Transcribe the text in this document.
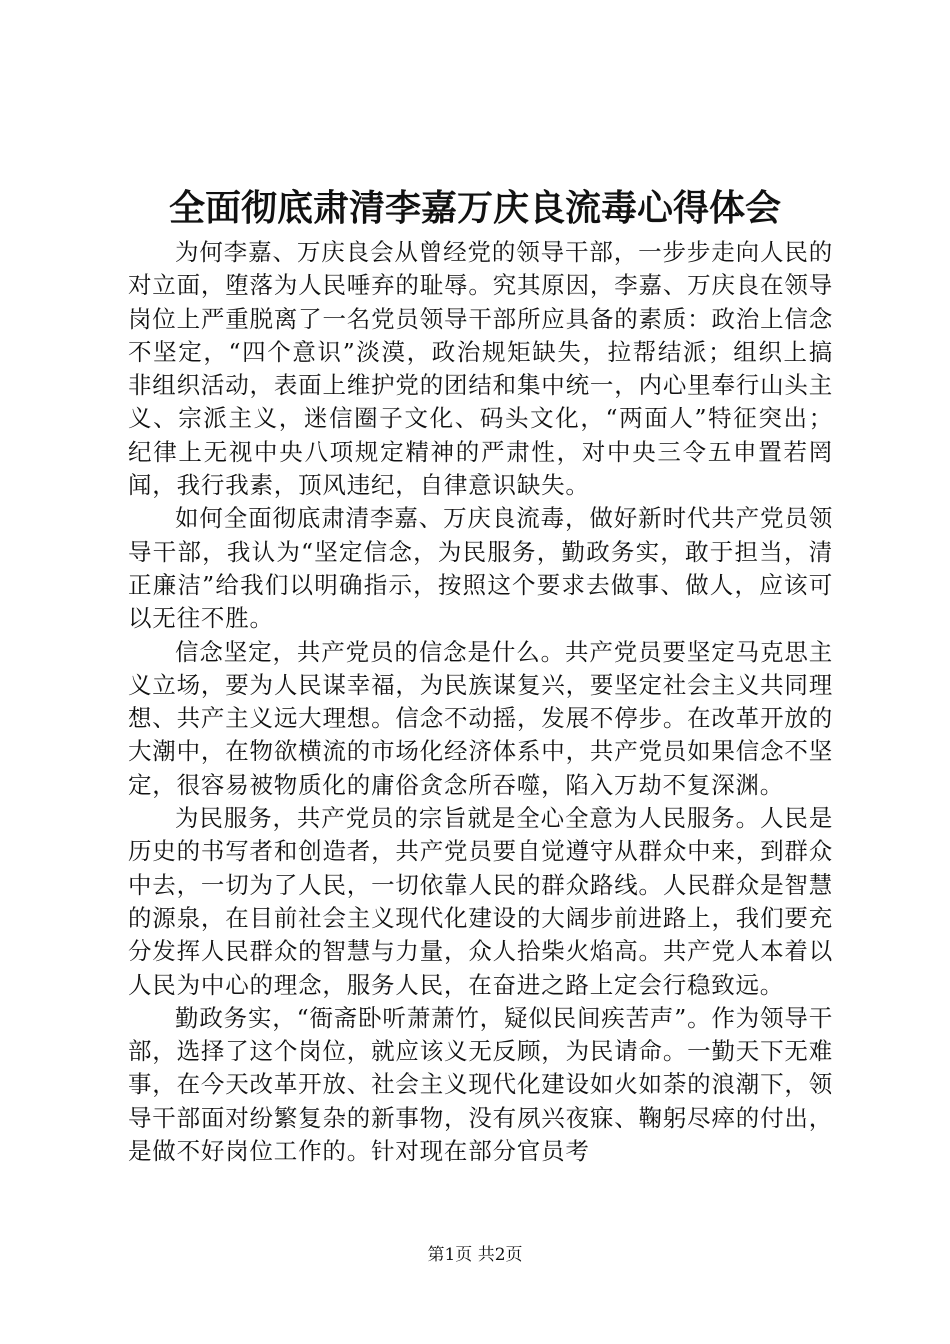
全面彻底肃清李嘉万庆良流毒心得体会

为何李嘉、万庆良会从曾经党的领导干部，一步步走向人民的对立面，堕落为人民唾弃的耻辱。究其原因，李嘉、万庆良在领导岗位上严重脱离了一名党员领导干部所应具备的素质：政治上信念不坚定，“四个意识”淡漠，政治规矩缺失，拉帮结派；组织上搞非组织活动，表面上维护党的团结和集中统一，内心里奉行山头主义、宗派主义，迷信圈子文化、码头文化，“两面人”特征突出；纪律上无视中央八项规定精神的严肃性，对中央三令五申置若罔闻，我行我素，顶风违纪，自律意识缺失。

如何全面彻底肃清李嘉、万庆良流毒，做好新时代共产党员领导干部，我认为“坚定信念，为民服务，勤政务实，敢于担当，清正廉洁”给我们以明确指示，按照这个要求去做事、做人，应该可以无往不胜。

信念坚定，共产党员的信念是什么。共产党员要坚定马克思主义立场，要为人民谋幸福，为民族谋复兴，要坚定社会主义共同理想、共产主义远大理想。信念不动摇，发展不停步。在改革开放的大潮中，在物欲横流的市场化经济体系中，共产党员如果信念不坚定，很容易被物质化的庸俗贪念所吞噬，陷入万劫不复深渊。

为民服务，共产党员的宗旨就是全心全意为人民服务。人民是历史的书写者和创造者，共产党员要自觉遵守从群众中来，到群众中去，一切为了人民，一切依靠人民的群众路线。人民群众是智慧的源泉，在目前社会主义现代化建设的大阔步前进路上，我们要充分发挥人民群众的智慧与力量，众人拾柴火焰高。共产党人本着以人民为中心的理念，服务人民，在奋进之路上定会行稳致远。

勤政务实，“衙斋卧听萧萧竹，疑似民间疾苦声”。作为领导干部，选择了这个岗位，就应该义无反顾，为民请命。一勤天下无难事，在今天改革开放、社会主义现代化建设如火如荼的浪潮下，领导干部面对纷繁复杂的新事物，没有夙兴夜寐、鞠躬尽瘁的付出，是做不好岗位工作的。针对现在部分官员考

第1页 共2页
